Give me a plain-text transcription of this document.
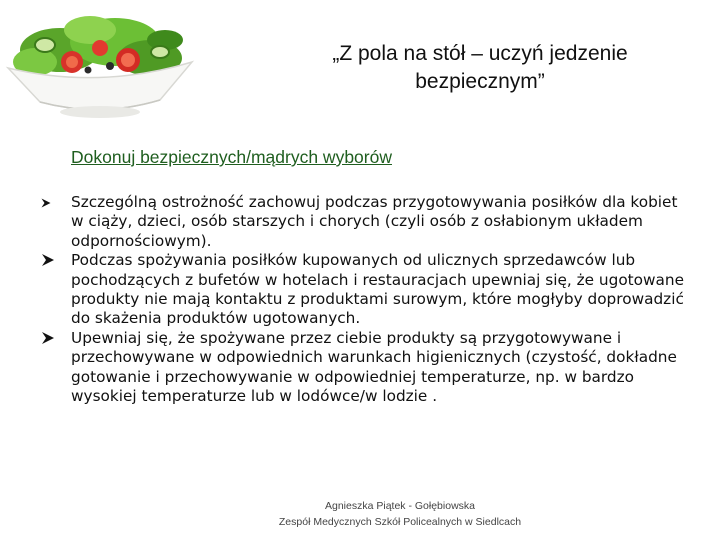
„Z pola na stół – uczyń jedzenie
bezpiecznym”
Dokonuj bezpiecznych/mądrych wyborów
Szczególną ostrożność zachowuj podczas przygotowywania posiłków dla kobiet w ciąży, dzieci, osób starszych i chorych (czyli osób z osłabionym układem odpornościowym).
Podczas spożywania posiłków kupowanych od ulicznych sprzedawców lub pochodzących z bufetów w hotelach i restauracjach upewniaj się, że ugotowane produkty nie mają kontaktu z produktami surowym, które mogłyby doprowadzić do skażenia produktów ugotowanych.
Upewniaj się, że spożywane przez ciebie produkty są przygotowywane i przechowywane w odpowiednich warunkach higienicznych (czystość, dokładne gotowanie i przechowywanie w odpowiedniej temperaturze, np. w bardzo wysokiej temperaturze lub w lodówce/w lodzie .
Agnieszka Piątek - Gołębiowska
Zespół Medycznych Szkół Policealnych w Siedlcach
